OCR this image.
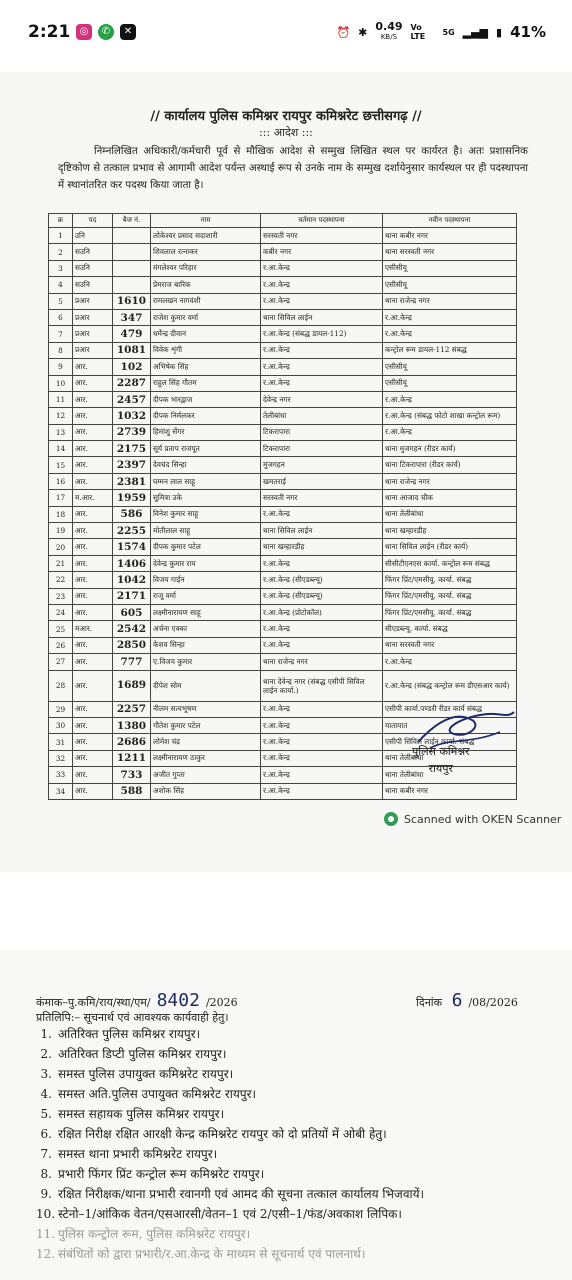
2:21 ◎	✆	✕	⏰ ✱ 0.49
KB/S
Vo LTE	5G ▂▄▆ ▮ 41%
// कार्यालय पुलिस कमिश्नर रायपुर कमिश्नरेट छत्तीसगढ़ //
::: आदेश :::
निम्नलिखित अधिकारी/कर्मचारी पूर्व से मौखिक आदेश से सम्मुख लिखित स्थल पर कार्यरत है। अतः प्रशासनिक दृष्टिकोण से तत्काल प्रभाव से आगामी आदेश पर्यन्त अस्थाई रूप से उनके नाम के सम्मुख दर्शायेनुसार कार्यस्थल पर ही पदस्थापना में स्थानांतरित कर पदस्थ किया जाता है।
क्र	पद	बैज नं.	नाम	वर्तमान पदस्थापना	नवीन पदस्थापना
1	उनि		लोकेश्वर प्रसाद सदाशारी	सरस्वती नगर	थाना कबीर नगर
2	सउनि		शिवलाल रत्नाकर	कबीर नगर	थाना सरस्वती नगर
3	सउनि		मंगलेश्वर परिहार	र.आ.केन्द्र	एसीसीयू
4	सउनि		प्रेमराज बारिक	र.आ.केन्द्र	एसीसीयू
5	प्रआर	1610	रामलखन नागवंशी	र.आ.केन्द्र	थाना राजेन्द्र नगर
6	प्रआर	347	राजेश कुमार वर्मा	थाना सिविल लाईन	र.आ.केन्द्र
7	प्रआर	479	धर्मेन्द्र दीवान	र.आ.केन्द्र (संबद्ध डायल-112)	र.आ.केन्द्र
8	प्रआर	1081	विवेक शृंगी	र.आ.केन्द्र	कन्ट्रोल रूम डायल-112 संबद्ध
9	आर.	102	अभिषेक सिंह	र.आ.केन्द्र	एसीसीयू
10	आर.	2287	राहुल सिंह गौतम	र.आ.केन्द्र	एसीसीयू
11	आर.	2457	दीपक भारद्वाज	देवेन्द्र नगर	र.आ.केन्द्र
12	आर.	1032	दीपक निर्मलकर	तेलीबांधा	र.आ.केन्द्र (संबद्ध फोटो शाखा कन्ट्रोल रूम)
13	आर.	2739	हिमांशु सेंगर	टिकरापारा	र.आ.केन्द्र
14	आर.	2175	सूर्य प्रताप राजपूत	टिकरापारा	थाना मुजगहन (रीडर कार्य)
15	आर.	2397	देवचंद सिन्हा	मुजगहन	थाना टिकरापारा (रीडर कार्य)
16	आर.	2381	घम्मन लाल साहू	खमतराई	थाना राजेन्द्र नगर
17	म.आर.	1959	सुमित्रा उके	सरस्वती नगर	थाना आजाद चौक
18	आर.	586	विनेश कुमार साहू	र.आ.केन्द्र	थाना तेलीबांधा
19	आर.	2255	मोतीलाल साहू	थाना सिविल लाईन	थाना खम्हारडीह
20	आर.	1574	दीपक कुमार पटेल	थाना खम्हारडीह	थाना सिविल लाईन (रीडर कार्य)
21	आर.	1406	देवेन्द्र कुमार राय	र.आ.केन्द्र	सीसीटीएनएस कार्या. कन्ट्रोल रूम संबद्ध
22	आर.	1042	विजय गाईन	र.आ.केन्द्र (सीएडब्ल्यू)	फिंगर प्रिंट/एमसीयू. कार्या. संबद्ध
23	आर.	2171	राजू वर्मा	र.आ.केन्द्र (सीएडब्ल्यू)	फिंगर प्रिंट/एमसीयू. कार्या. संबद्ध
24	आर.	605	लक्ष्मीनारायण साहू	र.आ.केन्द्र (प्रोटोकॉल)	फिंगर प्रिंट/एमसीयू. कार्या. संबद्ध
25	मआर.	2542	अर्चना एक्का	र.आ.केन्द्र	सीएडब्ल्यू. कार्या. संबद्ध
26	आर.	2850	केशव सिन्हा	र.आ.केन्द्र	थाना सरस्वती नगर
27	आर.	777	ए.विजय कुमार	थाना राजेन्द्र नगर	र.आ.केन्द्र
28	आर.	1689	दीपेश सोम	थाना देवेन्द्र नगर (संबद्ध एसीपी सिविल लाईन कार्या.)	र.आ.केन्द्र (संबद्ध कन्ट्रोल रूम डीएसआर कार्य)
29	आर.	2257	नीलम सत्यभूषण	र.आ.केन्द्र	एसीपी कार्या.पण्डरी रीडर कार्य संबद्ध
30	आर.	1380	गौतेश कुमार पटेल	र.आ.केन्द्र	यातायात
31	आर.	2686	लोमेश चंद्र	र.आ.केन्द्र	एसीपी सिविल लाईन कार्या. संबद्ध
32	आर.	1211	लक्ष्मीनारायण ठाकुर	र.आ.केन्द्र	थाना तेलीबांधा
33	आर.	733	अजीत गुप्ता	र.आ.केन्द्र	थाना तेलीबांधा
34	आर.	588	अशोक सिंह	र.आ.केन्द्र	थाना कबीर नगर
पुलिस कमिश्नर
रायपुर
Scanned with OKEN Scanner
कंमाक–पु.कमि/राय/स्था/एम/ 8402 /2026	दिनांक 6 /08/2026
प्रतिलिपि:– सूचनार्थ एवं आवश्यक कार्यवाही हेतु।
1. अतिरिक्त पुलिस कमिश्नर रायपुर।
2. अतिरिक्त डिप्टी पुलिस कमिश्नर रायपुर।
3. समस्त पुलिस उपायुक्त कमिश्नरेट रायपुर।
4. समस्त अति.पुलिस उपायुक्त कमिश्नरेट रायपुर।
5. समस्त सहायक पुलिस कमिश्नर रायपुर।
6. रक्षित निरीक्ष रक्षित आरक्षी केन्द्र कमिश्नरेट रायपुर को दो प्रतियों में ओबी हेतु।
7. समस्त थाना प्रभारी कमिश्नरेट रायपुर।
8. प्रभारी फिंगर प्रिंट कन्ट्रोल रूम कमिश्नरेट रायपुर।
9. रक्षित निरीक्षक/थाना प्रभारी रवानगी एवं आमद की सूचना तत्काल कार्यालय भिजवायें।
10. स्टेनो–1/आंकिक वेतन/एसआरसी/वेतन–1 एवं 2/एसी–1/फंड/अवकाश लिपिक।
11. पुलिस कन्ट्रोल रूम, पुलिस कमिश्नरेट रायपुर।
12. संबंधितों को द्वारा प्रभारी/र.आ.केन्द्र के माध्यम से सूचनार्थ एवं पालनार्थ।
